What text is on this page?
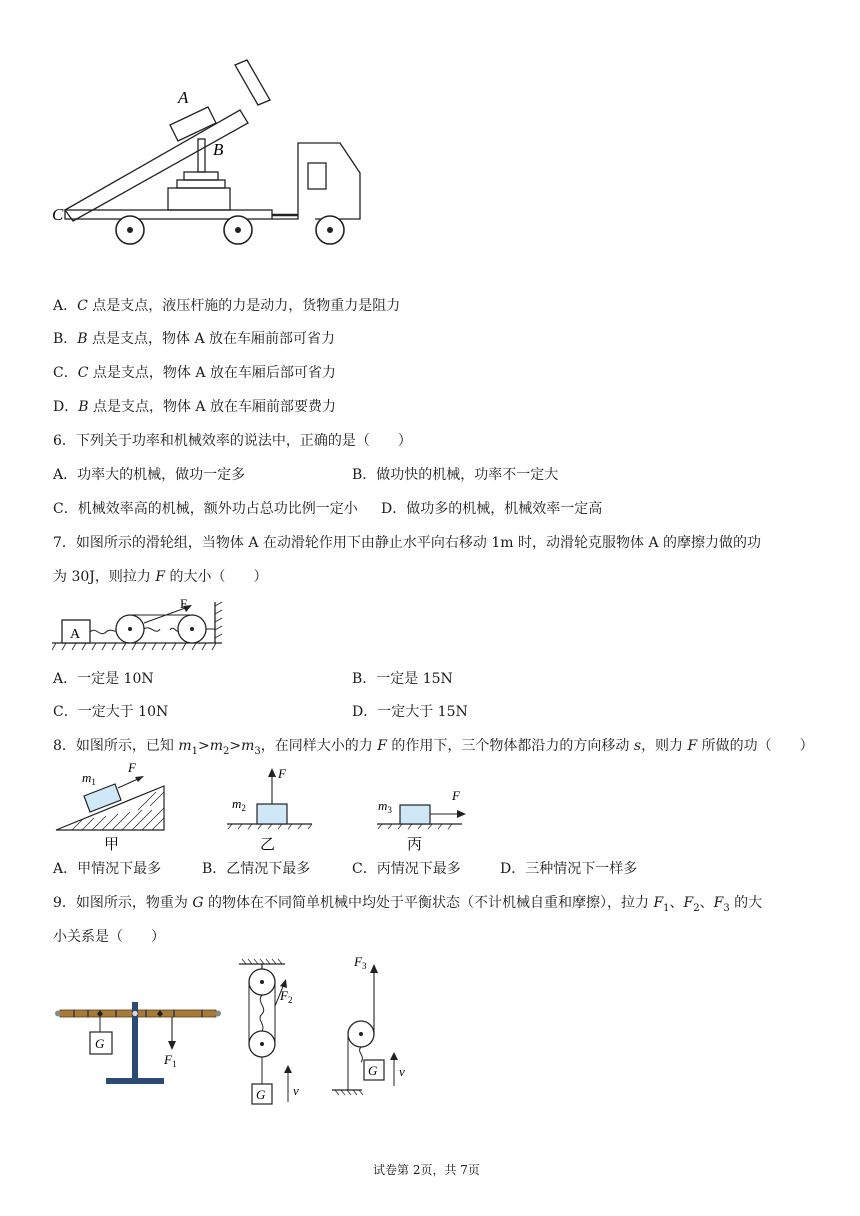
A
B
C
A．C 点是支点，液压杆施的力是动力，货物重力是阻力
B．B 点是支点，物体 A 放在车厢前部可省力
C．C 点是支点，物体 A 放在车厢后部可省力
D．B 点是支点，物体 A 放在车厢前部要费力
6．下列关于功率和机械效率的说法中，正确的是（　　）
A．功率大的机械，做功一定多	B．做功快的机械，功率不一定大
C．机械效率高的机械，额外功占总功比例一定小 D．做功多的机械，机械效率一定高
7．如图所示的滑轮组，当物体 A 在动滑轮作用下由静止水平向右移动 1m 时，动滑轮克服物体 A 的摩擦力做的功
为 30J，则拉力 F 的大小（　　）
A
F
A．一定是 10N	B．一定是 15N
C．一定大于 10N	D．一定大于 15N
8．如图所示，已知 $m_1>m_2>m_3$，在同样大小的力 F 的作用下，三个物体都沿力的方向移动 s，则力 F 所做的功（　　）
$m_1$
F
甲
F
$m_2$
乙
F
$m_3$
丙
A．甲情况下最多	B．乙情况下最多	C．丙情况下最多	D．三种情况下一样多
9．如图所示，物重为 G 的物体在不同简单机械中均处于平衡状态（不计机械自重和摩擦），拉力 $F_1$、$F_2$、$F_3$ 的大
小关系是（　　）
G
$F_1$
$F_2$
G v
$F_3$
G v
试卷第 2页，共 7页
